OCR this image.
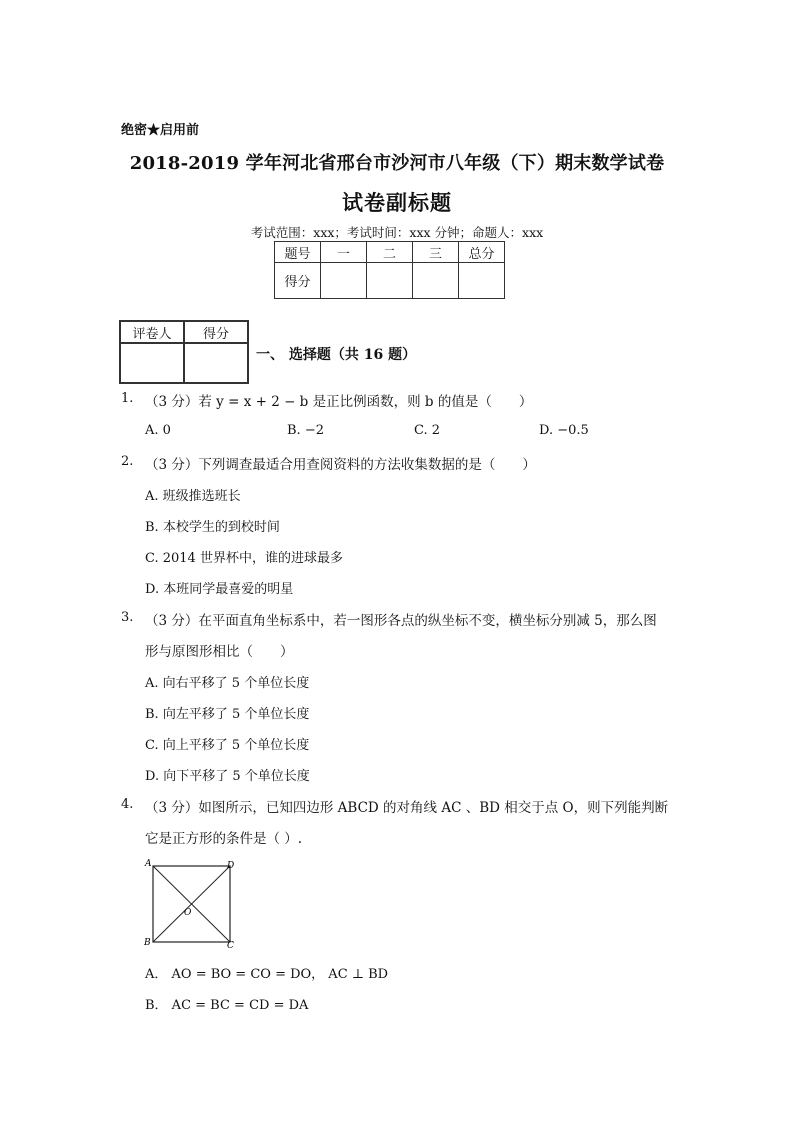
绝密★启用前
2018-2019 学年河北省邢台市沙河市八年级（下）期末数学试卷
试卷副标题
考试范围：xxx；考试时间：xxx 分钟；命题人：xxx
题号	一	二	三	总分
得分				
评卷人	得分

一、 选择题（共 16 题）
1. （3 分）若 y = x + 2 − b 是正比例函数，则 b 的值是（　　）
A. 0	B. −2	C. 2	D. −0.5
2. （3 分）下列调查最适合用查阅资料的方法收集数据的是（　　）
A. 班级推选班长
B. 本校学生的到校时间
C. 2014 世界杯中，谁的进球最多
D. 本班同学最喜爱的明星
3. （3 分）在平面直角坐标系中，若一图形各点的纵坐标不变，横坐标分别减 5，那么图
形与原图形相比（　　）
A. 向右平移了 5 个单位长度
B. 向左平移了 5 个单位长度
C. 向上平移了 5 个单位长度
D. 向下平移了 5 个单位长度
4. （3 分）如图所示，已知四边形 ABCD 的对角线 AC 、BD 相交于点 O，则下列能判断
它是正方形的条件是（ ）.
A	D
O
B	C
A． AO = BO = CO = DO， AC ⊥ BD
B． AC = BC = CD = DA
